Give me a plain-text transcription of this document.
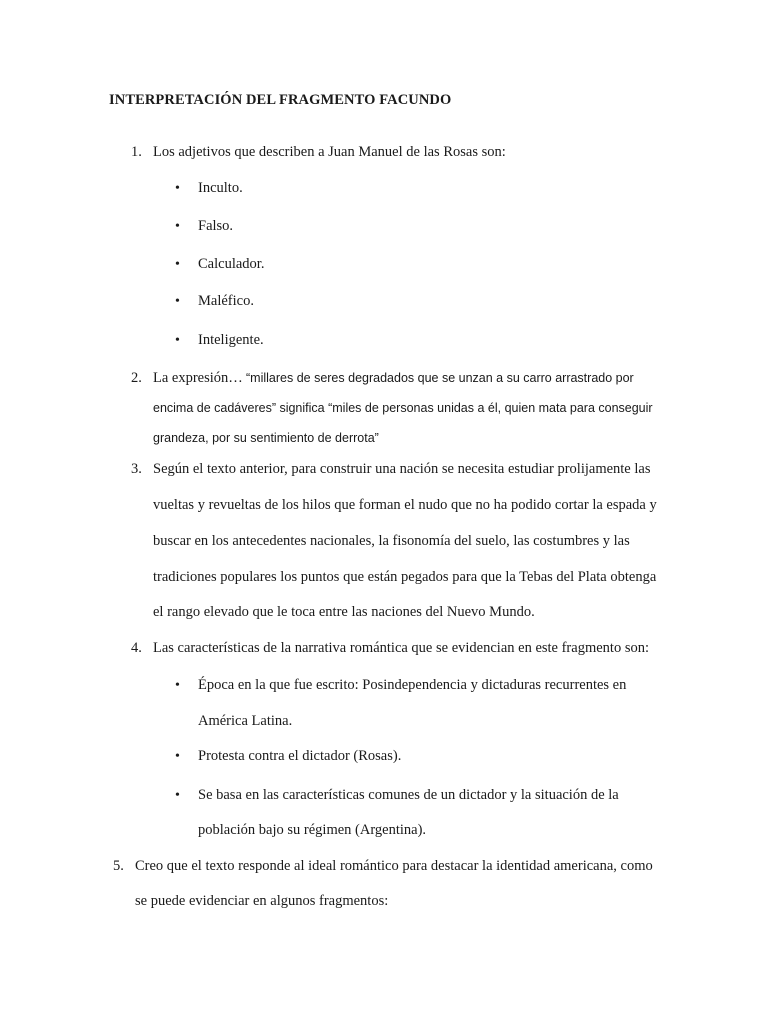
INTERPRETACIÓN DEL FRAGMENTO FACUNDO
1. Los adjetivos que describen a Juan Manuel de las Rosas son:
• Inculto.
• Falso.
• Calculador.
• Maléfico.
• Inteligente.
2. La expresión… “millares de seres degradados que se unzan a su carro arrastrado por
encima de cadáveres” significa “miles de personas unidas a él, quien mata para conseguir
grandeza, por su sentimiento de derrota”
3. Según el texto anterior, para construir una nación se necesita estudiar prolijamente las
vueltas y revueltas de los hilos que forman el nudo que no ha podido cortar la espada y
buscar en los antecedentes nacionales, la fisonomía del suelo, las costumbres y las
tradiciones populares los puntos que están pegados para que la Tebas del Plata obtenga
el rango elevado que le toca entre las naciones del Nuevo Mundo.
4. Las características de la narrativa romántica que se evidencian en este fragmento son:
• Época en la que fue escrito: Posindependencia y dictaduras recurrentes en
América Latina.
• Protesta contra el dictador (Rosas).
• Se basa en las características comunes de un dictador y la situación de la
población bajo su régimen (Argentina).
5. Creo que el texto responde al ideal romántico para destacar la identidad americana, como
se puede evidenciar en algunos fragmentos:
